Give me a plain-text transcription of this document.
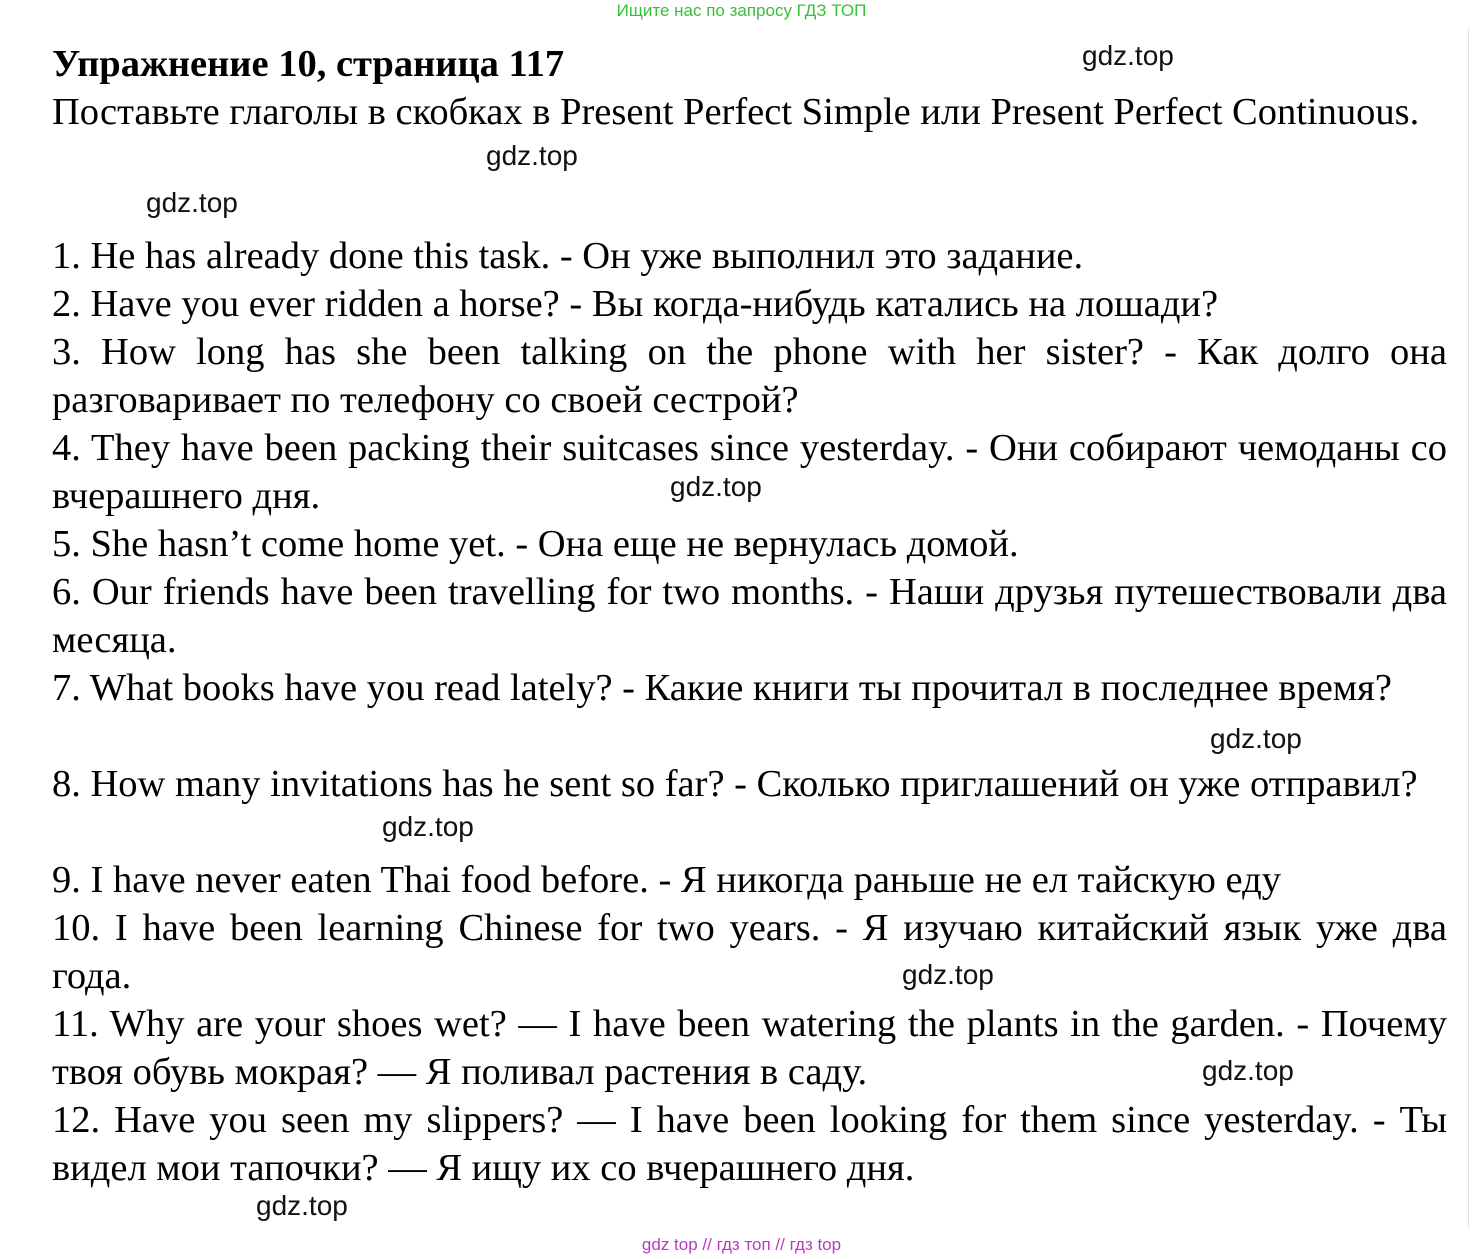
Ищите нас по запросу ГДЗ ТОП
Упражнение 10, страница 117
Поставьте глаголы в скобках в Present Perfect Simple или Present Perfect Continuous.
1. He has already done this task. - Он уже выполнил это задание.
2. Have you ever ridden a horse? - Вы когда-нибудь катались на лошади?
3. How long has she been talking on the phone with her sister? - Как долго она разговаривает по телефону со своей сестрой?
4. They have been packing their suitcases since yesterday. - Они собирают чемоданы со вчерашнего дня.
5. She hasn’t come home yet. - Она еще не вернулась домой.
6. Our friends have been travelling for two months. - Наши друзья путешествовали два месяца.
7. What books have you read lately? - Какие книги ты прочитал в последнее время?
8. How many invitations has he sent so far? - Сколько приглашений он уже отправил?
9. I have never eaten Thai food before. - Я никогда раньше не ел тайскую еду
10. I have been learning Chinese for two years. - Я изучаю китайский язык уже два года.
11. Why are your shoes wet? — I have been watering the plants in the garden. - Почему твоя обувь мокрая? — Я поливал растения в саду.
12. Have you seen my slippers? — I have been looking for them since yesterday. - Ты видел мои тапочки? — Я ищу их со вчерашнего дня.
gdz.top
gdz.top
gdz.top
gdz.top
gdz.top
gdz.top
gdz.top
gdz.top
gdz.top
gdz top // гдз топ // гдз top
